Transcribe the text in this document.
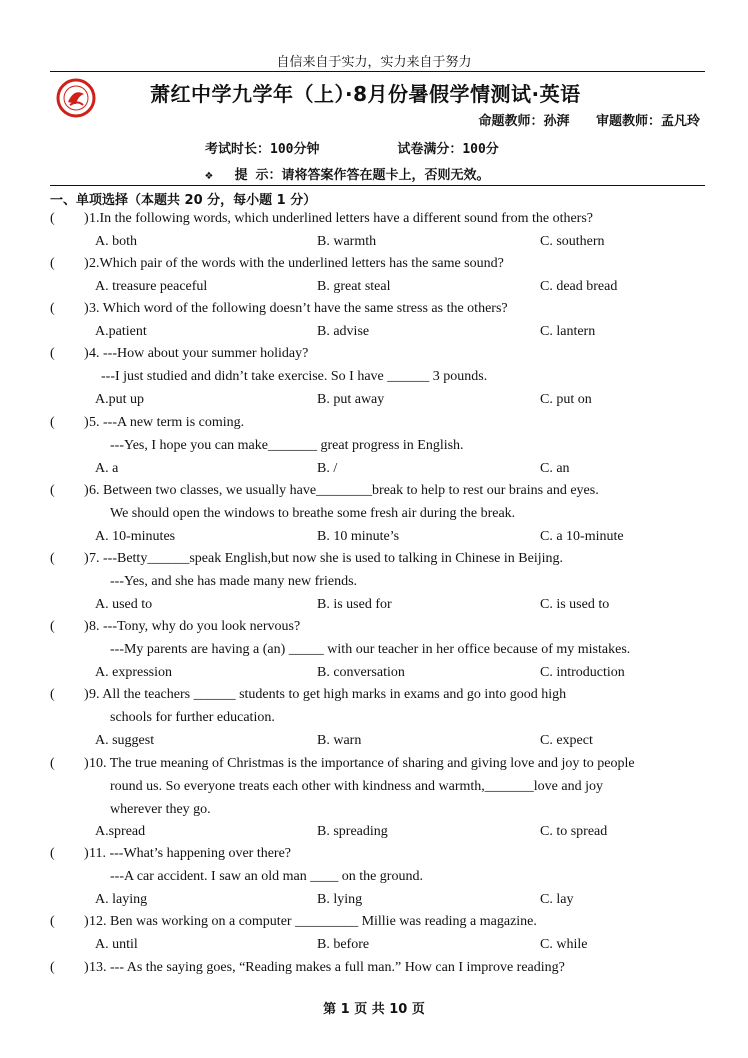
自信来自于实力，实力来自于努力
萧红中学九学年（上）·8月份暑假学情测试·英语
命题教师：孙湃 审题教师：孟凡玲
考试时长：100分钟	试卷满分：100分
❖ 提 示：请将答案作答在题卡上，否则无效。
一、单项选择（本题共 20 分，每小题 1 分）
( ) 1.In the following words, which underlined letters have a different sound from the others?
A. both	B. warmth	C. southern
( ) 2.Which pair of the words with the underlined letters has the same sound?
A. treasure peaceful	B. great steal	C. dead bread
( ) 3. Which word of the following doesn’t have the same stress as the others?
A.patient	B. advise	C. lantern
( ) 4. ---How about your summer holiday?
---I just studied and didn’t take exercise. So I have ______ 3 pounds.
A.put up	B. put away	C. put on
( ) 5. ---A new term is coming.
---Yes, I hope you can make_______ great progress in English.
A. a	B. /	C. an
( ) 6. Between two classes, we usually have________break to help to rest our brains and eyes.
We should open the windows to breathe some fresh air during the break.
A. 10-minutes	B. 10 minute’s	C. a 10-minute
( ) 7. ---Betty______speak English,but now she is used to talking in Chinese in Beijing.
---Yes, and she has made many new friends.
A. used to	B. is used for	C. is used to
( ) 8. ---Tony, why do you look nervous?
---My parents are having a (an) _____ with our teacher in her office because of my mistakes.
A. expression	B. conversation	C. introduction
( ) 9. All the teachers ______ students to get high marks in exams and go into good high
schools for further education.
A. suggest	B. warn	C. expect
( ) 10. The true meaning of Christmas is the importance of sharing and giving love and joy to people
round us. So everyone treats each other with kindness and warmth,_______love and joy
wherever they go.
A.spread	B. spreading	C. to spread
( ) 11. ---What’s happening over there?
---A car accident. I saw an old man ____ on the ground.
A. laying	B. lying	C. lay
( ) 12. Ben was working on a computer _________ Millie was reading a magazine.
A. until	B. before	C. while
( ) 13. --- As the saying goes, “Reading makes a full man.” How can I improve reading?
第 1 页 共 10 页
